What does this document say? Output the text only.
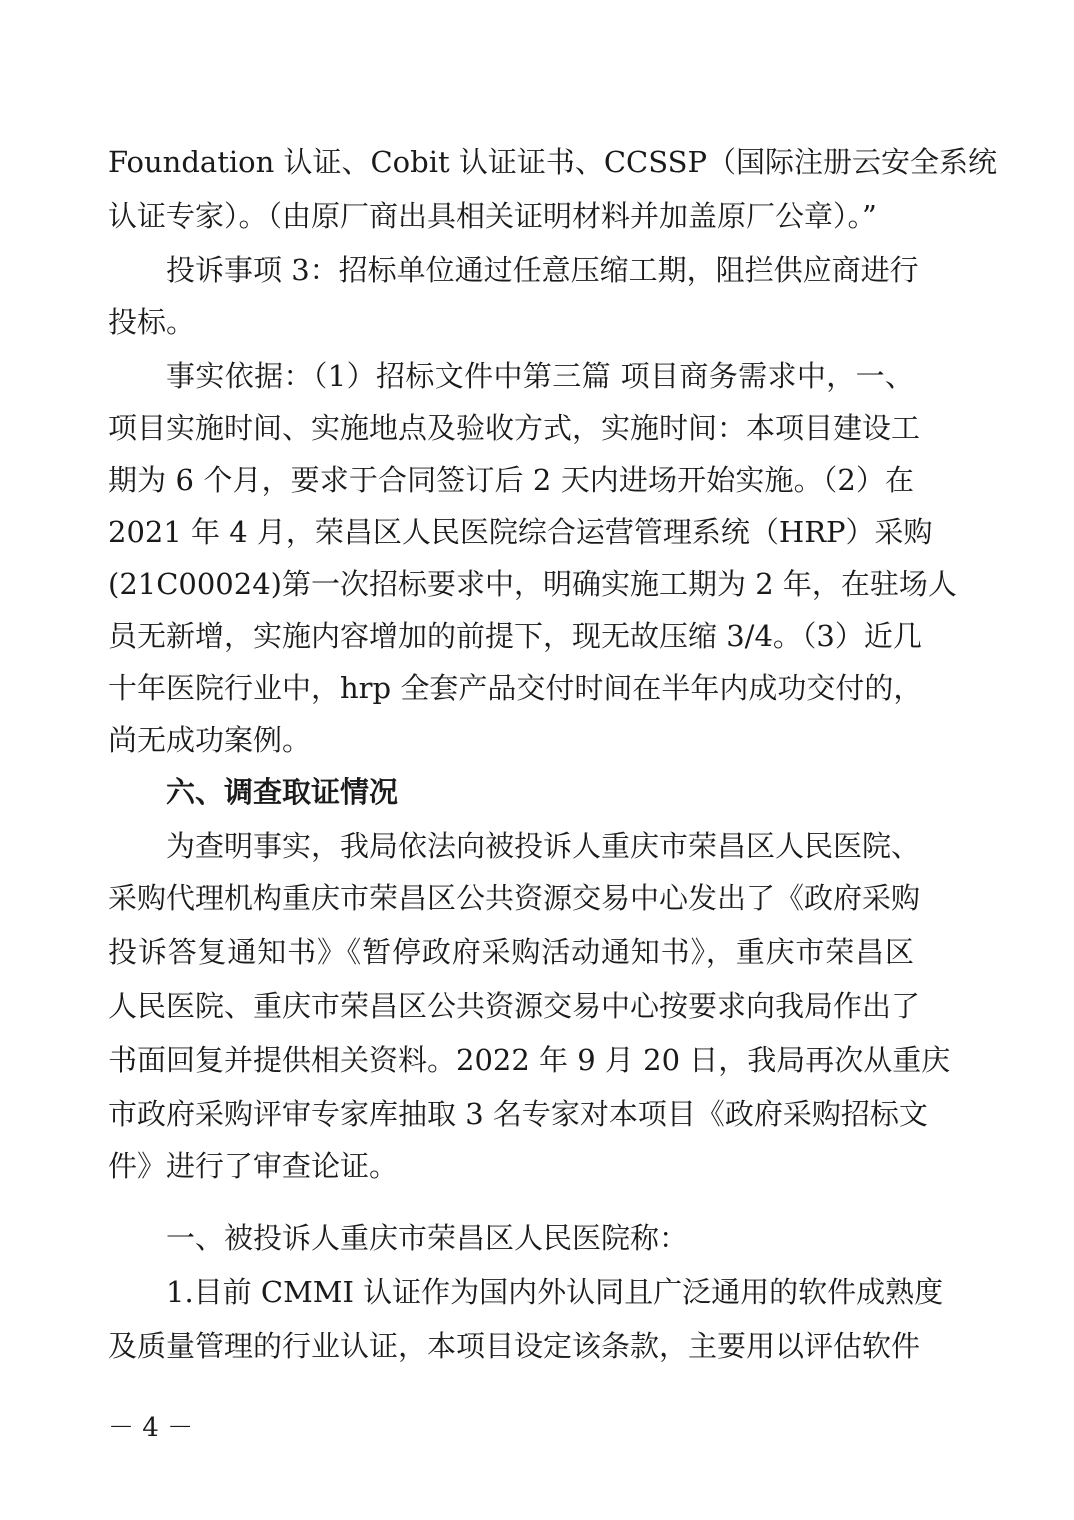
Foundation 认证、Cobit 认证证书、CCSSP（国际注册云安全系统
认证专家）。（由原厂商出具相关证明材料并加盖原厂公章）。”
投诉事项 3：招标单位通过任意压缩工期，阻拦供应商进行
投标。
事实依据：（1）招标文件中第三篇 项目商务需求中，一、
项目实施时间、实施地点及验收方式，实施时间：本项目建设工
期为 6 个月，要求于合同签订后 2 天内进场开始实施。（2）在
2021 年 4 月，荣昌区人民医院综合运营管理系统（HRP）采购
(21C00024)第一次招标要求中，明确实施工期为 2 年，在驻场人
员无新增，实施内容增加的前提下，现无故压缩 3/4。（3）近几
十年医院行业中，hrp 全套产品交付时间在半年内成功交付的，
尚无成功案例。
六、调查取证情况
为查明事实，我局依法向被投诉人重庆市荣昌区人民医院、
采购代理机构重庆市荣昌区公共资源交易中心发出了《政府采购
投诉答复通知书》《暂停政府采购活动通知书》，重庆市荣昌区
人民医院、重庆市荣昌区公共资源交易中心按要求向我局作出了
书面回复并提供相关资料。2022 年 9 月 20 日，我局再次从重庆
市政府采购评审专家库抽取 3 名专家对本项目《政府采购招标文
件》进行了审查论证。
一、被投诉人重庆市荣昌区人民医院称：
1.目前 CMMI 认证作为国内外认同且广泛通用的软件成熟度
及质量管理的行业认证，本项目设定该条款，主要用以评估软件
－ 4 －
